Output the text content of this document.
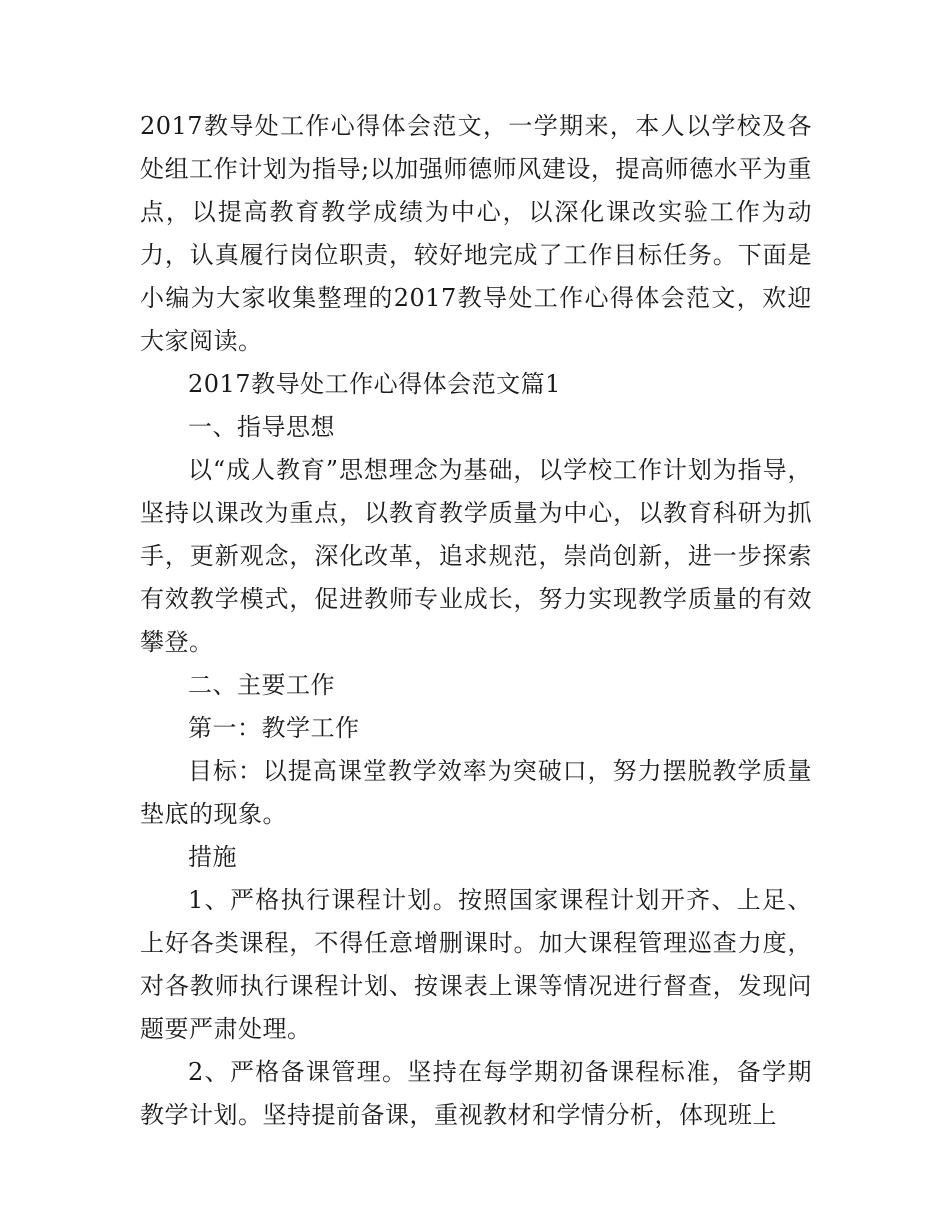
2017教导处工作心得体会范文，一学期来，本人以学校及各处组工作计划为指导;以加强师德师风建设，提高师德水平为重点，以提高教育教学成绩为中心，以深化课改实验工作为动力，认真履行岗位职责，较好地完成了工作目标任务。下面是小编为大家收集整理的2017教导处工作心得体会范文，欢迎大家阅读。

2017教导处工作心得体会范文篇1

一、指导思想

以“成人教育”思想理念为基础，以学校工作计划为指导，坚持以课改为重点，以教育教学质量为中心，以教育科研为抓手，更新观念，深化改革，追求规范，崇尚创新，进一步探索有效教学模式，促进教师专业成长，努力实现教学质量的有效攀登。

二、主要工作

第一：教学工作

目标：以提高课堂教学效率为突破口，努力摆脱教学质量垫底的现象。

措施

1、严格执行课程计划。按照国家课程计划开齐、上足、上好各类课程，不得任意增删课时。加大课程管理巡查力度，对各教师执行课程计划、按课表上课等情况进行督查，发现问题要严肃处理。

2、严格备课管理。坚持在每学期初备课程标准，备学期教学计划。坚持提前备课，重视教材和学情分析，体现班上
